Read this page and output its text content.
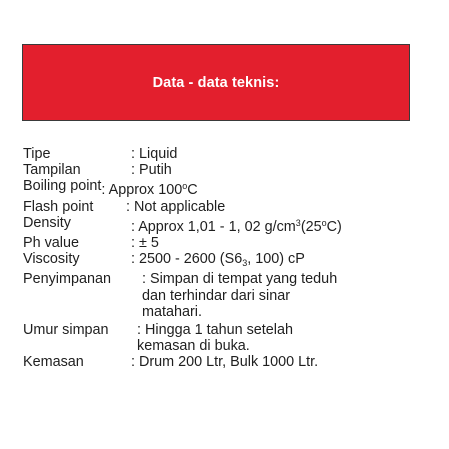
Data - data teknis:
Tipe	: Liquid
Tampilan	: Putih
Boiling point : Approx 100$^o$C
Flash point	: Not applicable
Density	: Approx 1,01 - 1, 02 $g/cm^3(25^oC)$
Ph value	: ± 5
Viscosity	: 2500 - 2600 ($S6_3$, 100) cP
Penyimpanan	: Simpan di tempat yang teduh
dan terhindar dari sinar
matahari.
Umur simpan	: Hingga 1 tahun setelah
kemasan di buka.
Kemasan	: Drum 200 Ltr, Bulk 1000 Ltr.
